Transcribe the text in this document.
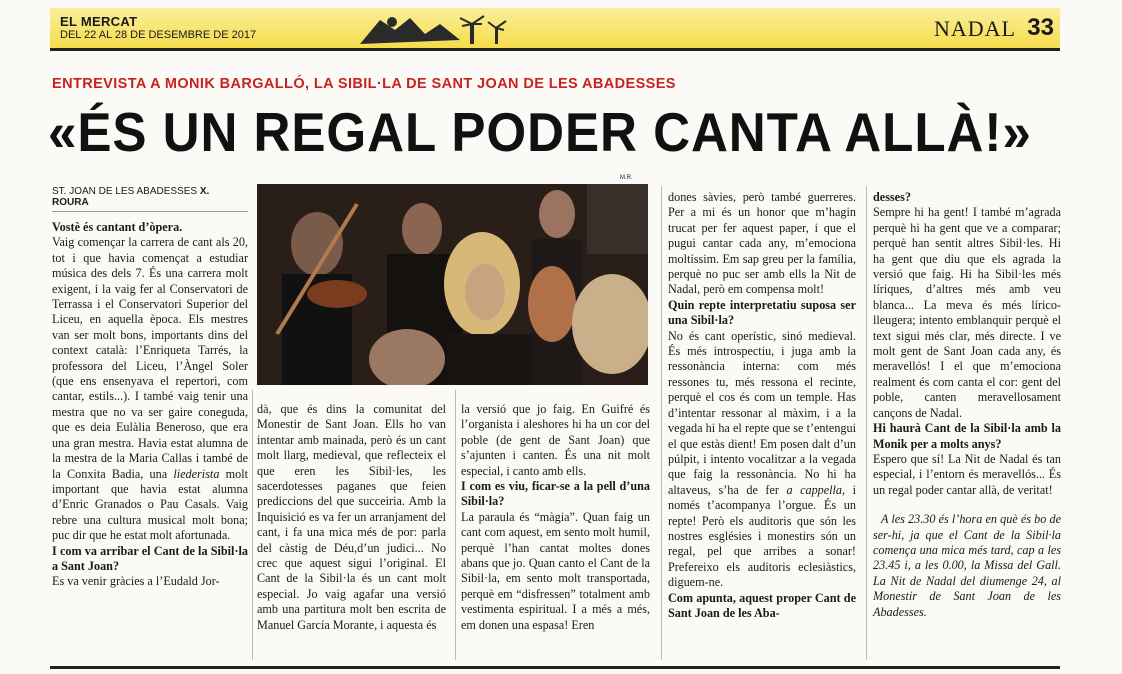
EL MERCAT
DEL 22 AL 28 DE DESEMBRE DE 2017	NADAL 33
ENTREVISTA A MONIK BARGALLÓ, LA SIBIL·LA DE SANT JOAN DE LES ABADESSES
«ÉS UN REGAL PODER CANTA ALLÀ!»
ST. JOAN DE LES ABADESSES X. ROURA
M.R.

Vostè és cantant d’òpera.

Vaig començar la carrera de cant als 20, tot i que havia començat a estudiar música des dels 7. És una carrera molt exigent, i la vaig fer al Conservatori de Terrassa i el Conservatori Superior del Liceu, en aquella època. Els mestres van ser molt bons, importants dins del context català: l’Enriqueta Tarrés, la professora del Liceu, l’Àngel Soler (que ens ensenyava el repertori, com cantar, estils...). I també vaig tenir una mestra que no va ser gaire coneguda, que es deia Eulàlia Beneroso, que era una gran mestra. Havia estat alumna de la mestra de la Maria Callas i també de la Conxita Badia, una liederista molt important que havia estat alumna d’Enric Granados o Pau Casals. Vaig rebre una cultura musical molt bona; puc dir que he estat molt afortunada.

I com va arribar el Cant de la Sibil·la a Sant Joan?

Es va venir gràcies a l’Eudald Jor-

dà, que és dins la comunitat del Monestir de Sant Joan. Ells ho van intentar amb mainada, però és un cant molt llarg, medieval, que reflecteix el que eren les Sibil·les, les sacerdotesses paganes que feien prediccions del que succeiria. Amb la Inquisició es va fer un arranjament del cant, i fa una mica més de por: parla del càstig de Déu,d’un judici... No crec que aquest sigui l’original. El Cant de la Sibil·la és un cant molt especial. Jo vaig agafar una versió amb una partitura molt ben escrita de Manuel García Morante, i aquesta és

la versió que jo faig. En Guifré és l’organista i aleshores hi ha un cor del poble (de gent de Sant Joan) que s’ajunten i canten. És una nit molt especial, i canto amb ells.

I com es viu, ficar-se a la pell d’una Sibil·la?

La paraula és “màgia”. Quan faig un cant com aquest, em sento molt humil, perquè l’han cantat moltes dones abans que jo. Quan canto el Cant de la Sibil·la, em sento molt transportada, perquè em “disfressen” totalment amb vestimenta espiritual. I a més a més, em donen una espasa! Eren

dones sàvies, però també guerreres. Per a mi és un honor que m’hagin trucat per fer aquest paper, i que el pugui cantar cada any, m’emociona moltíssim. Em sap greu per la família, perquè no puc ser amb ells la Nit de Nadal, però em compensa molt!

Quin repte interpretatiu suposa ser una Sibil·la?

No és cant operístic, sinó medieval. És més introspectiu, i juga amb la ressonància interna: com més ressones tu, més ressona el recinte, perquè el cos és com un temple. Has d’intentar ressonar al màxim, i a la vegada hi ha el repte que se t’entengui el que estàs dient! Em posen dalt d’un púlpit, i intento vocalitzar a la vegada que faig la ressonància. No hi ha altaveus, s’ha de fer a cappella, i només t’acompanya l’orgue. És un repte! Però els auditoris que són les nostres esglésies i monestirs són un regal, pel que arribes a sonar! Prefereixo els auditoris eclesiàstics, diguem-ne.

Com apunta, aquest proper Cant de Sant Joan de les Aba-

desses?

Sempre hi ha gent! I també m’agrada perquè hi ha gent que ve a comparar; perquè han sentit altres Sibil·les. Hi ha gent que diu que els agrada la versió que faig. Hi ha Sibil·les més líriques, d’altres més amb veu blanca... La meva és més lírico-lleugera; intento emblanquir perquè el text sigui més clar, més directe. I ve molt gent de Sant Joan cada any, és meravellós! I el que m’emociona realment és com canta el cor: gent del poble, canten meravellosament cançons de Nadal.

Hi haurà Cant de la Sibil·la amb la Monik per a molts anys?

Espero que sí! La Nit de Nadal és tan especial, i l’entorn és meravellós... És un regal poder cantar allà, de veritat!

A les 23.30 és l’hora en què és bo de ser-hi, ja que el Cant de la Sibil·la comença una mica més tard, cap a les 23.45 i, a les 0.00, la Missa del Gall. La Nit de Nadal del diumenge 24, al Monestir de Sant Joan de les Abadesses.
